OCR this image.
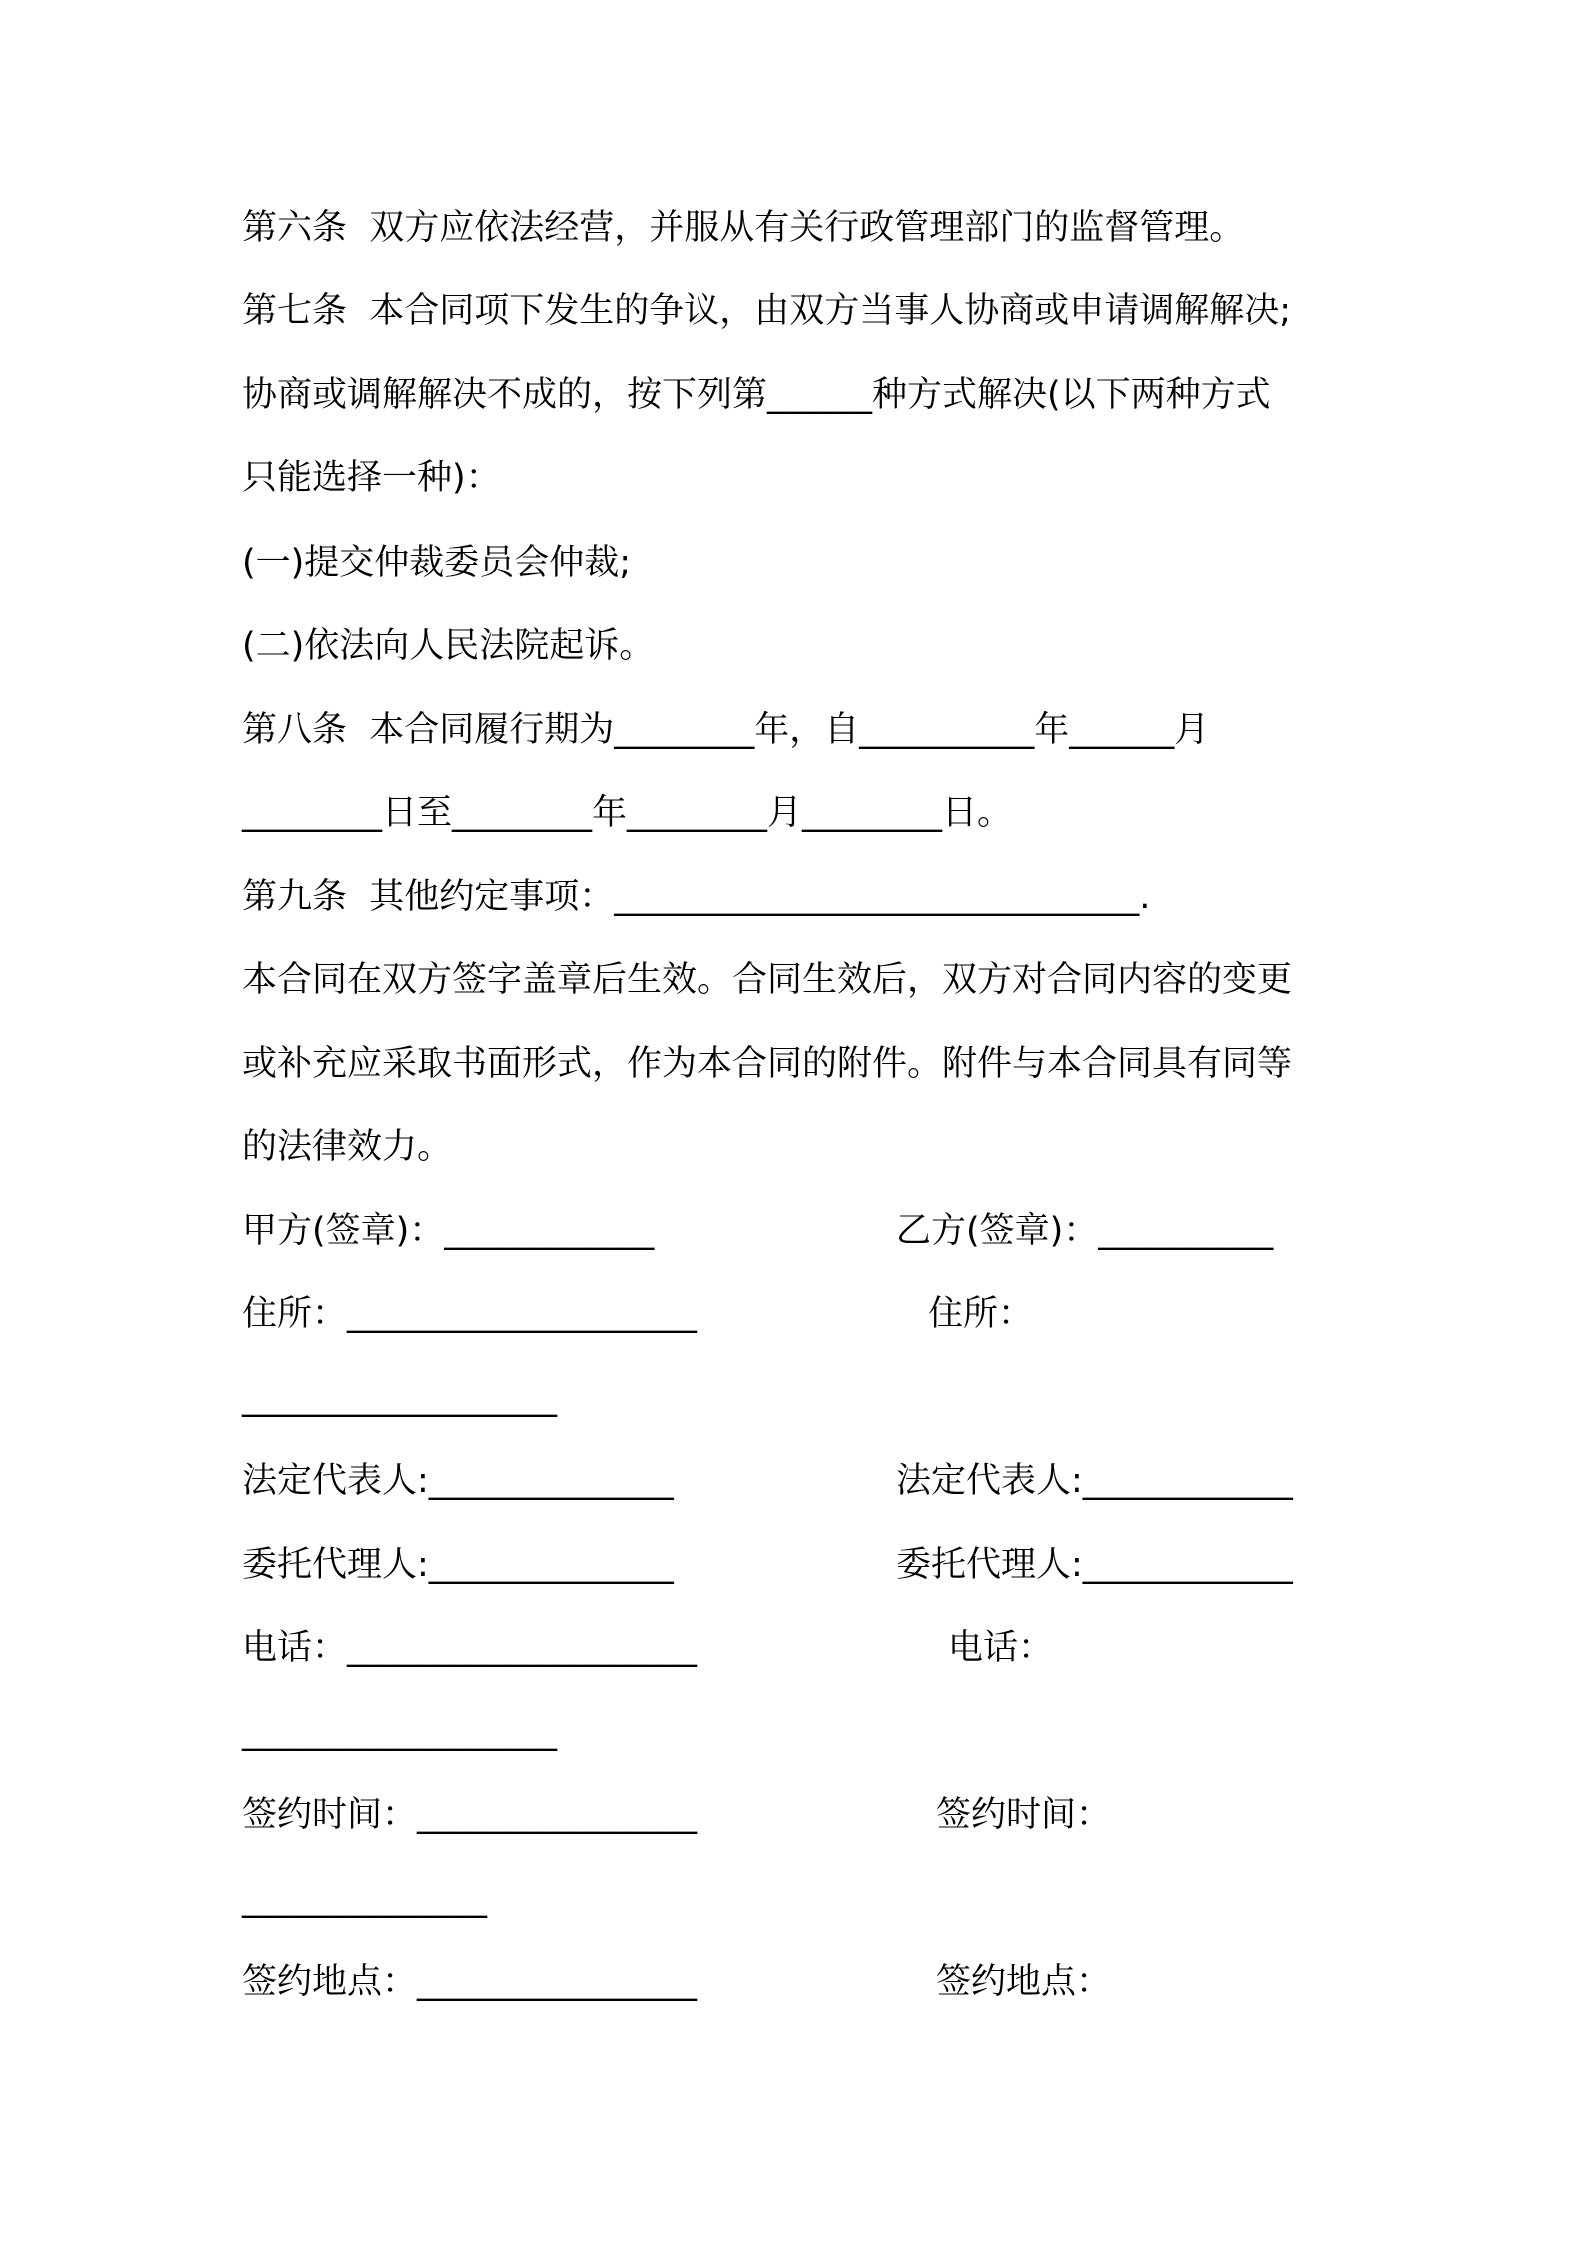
第六条  双方应依法经营，并服从有关行政管理部门的监督管理。
第七条  本合同项下发生的争议，由双方当事人协商或申请调解解决;
协商或调解解决不成的，按下列第______种方式解决(以下两种方式
只能选择一种)：
(一)提交仲裁委员会仲裁;
(二)依法向人民法院起诉。
第八条  本合同履行期为________年，自__________年______月
________日至________年________月________日。
第九条  其他约定事项：______________________________.
本合同在双方签字盖章后生效。合同生效后，双方对合同内容的变更
或补充应采取书面形式，作为本合同的附件。附件与本合同具有同等
的法律效力。
甲方(签章)：____________	乙方(签章)：__________
住所：____________________	住所：
__________________
法定代表人:______________	法定代表人:____________
委托代理人:______________	委托代理人:____________
电话：____________________	电话：
__________________
签约时间：________________	签约时间：
______________
签约地点：________________	签约地点：
